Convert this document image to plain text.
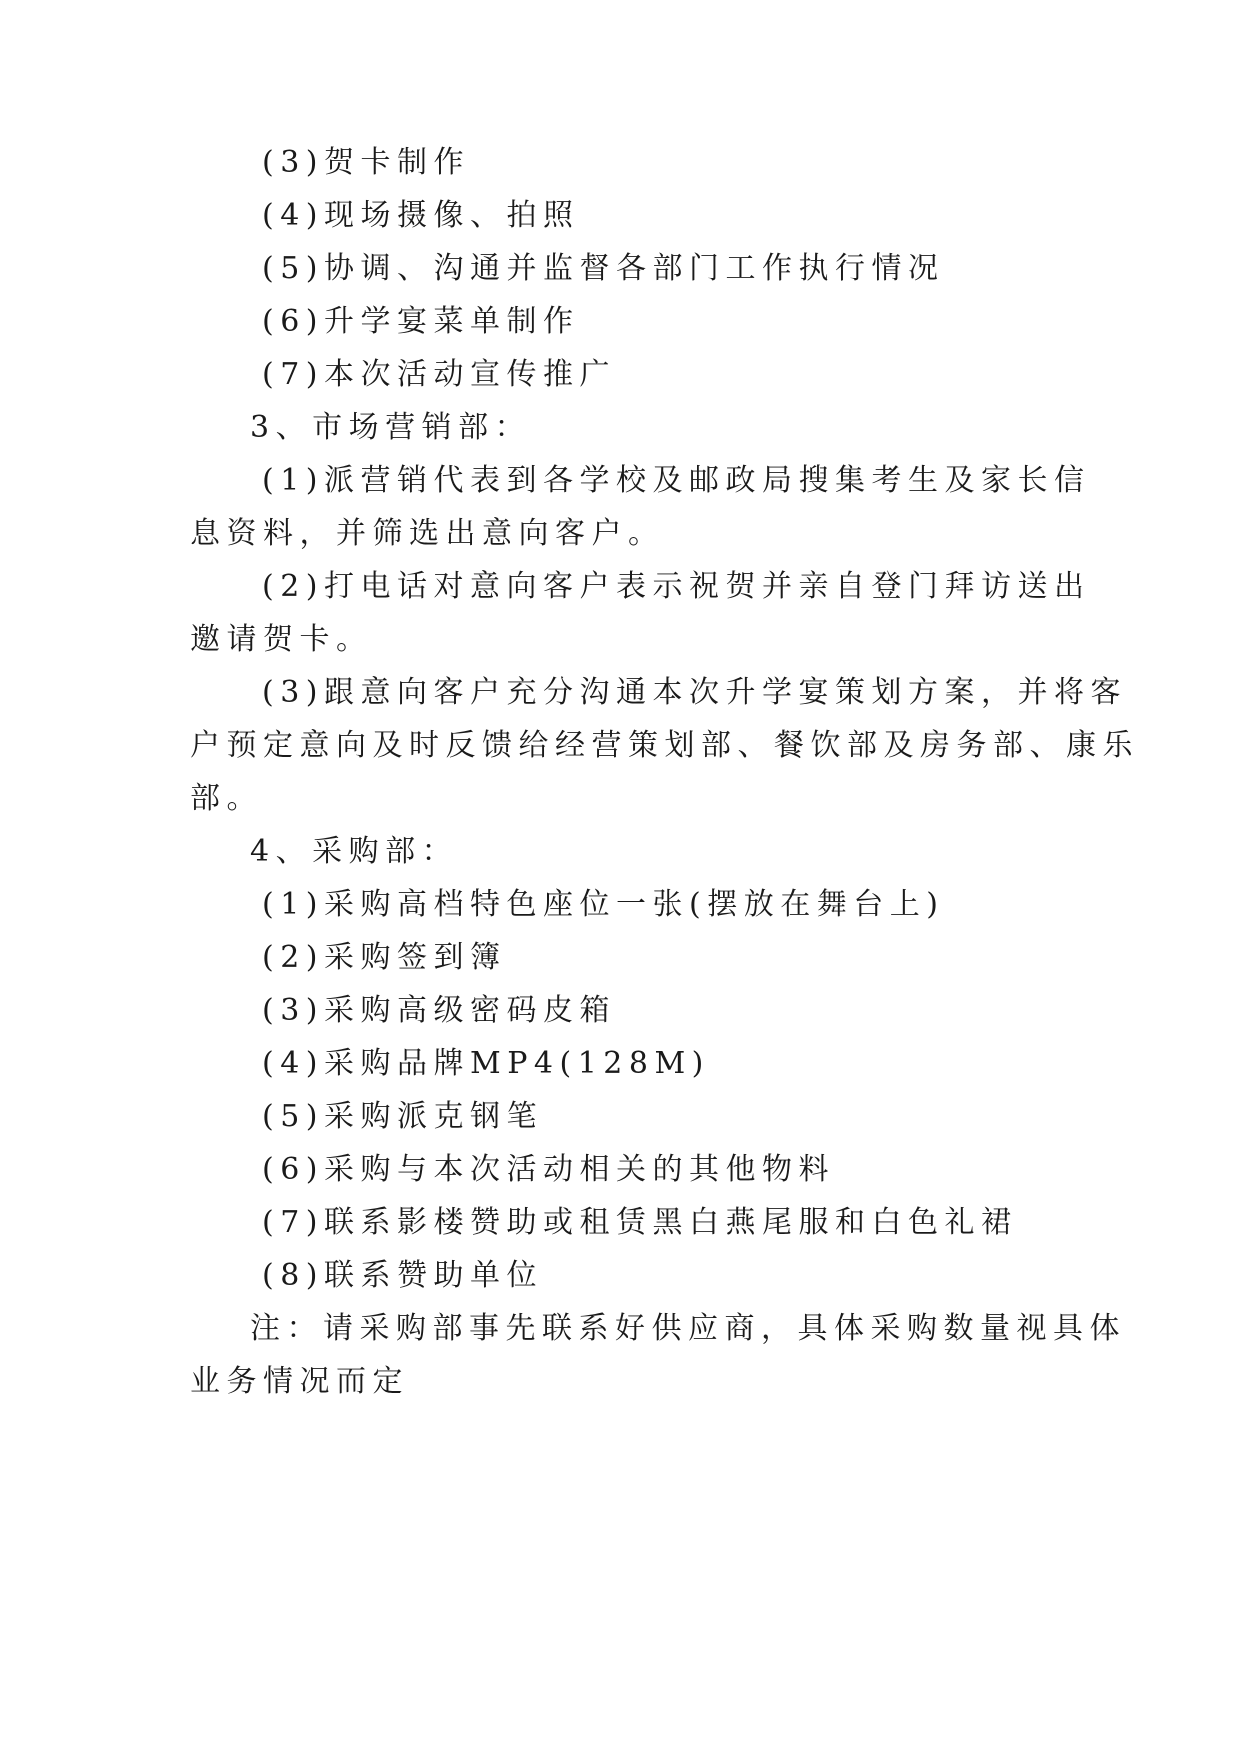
(3)贺卡制作
(4)现场摄像、拍照
(5)协调、沟通并监督各部门工作执行情况
(6)升学宴菜单制作
(7)本次活动宣传推广
3、市场营销部：
(1)派营销代表到各学校及邮政局搜集考生及家长信
息资料，并筛选出意向客户。
(2)打电话对意向客户表示祝贺并亲自登门拜访送出
邀请贺卡。
(3)跟意向客户充分沟通本次升学宴策划方案，并将客
户预定意向及时反馈给经营策划部、餐饮部及房务部、康乐
部。
4、采购部：
(1)采购高档特色座位一张(摆放在舞台上)
(2)采购签到簿
(3)采购高级密码皮箱
(4)采购品牌MP4(128M)
(5)采购派克钢笔
(6)采购与本次活动相关的其他物料
(7)联系影楼赞助或租赁黑白燕尾服和白色礼裙
(8)联系赞助单位
注：请采购部事先联系好供应商，具体采购数量视具体
业务情况而定
